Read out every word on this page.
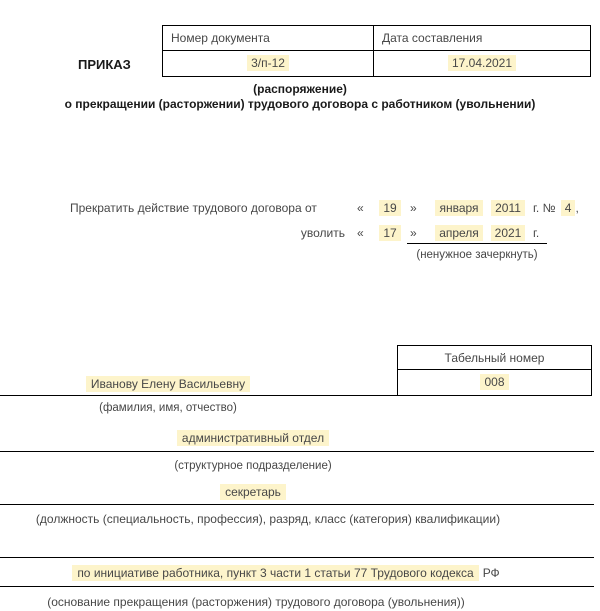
ПРИКАЗ
Номер документа	Дата составления
3/п-12	17.04.2021
(распоряжение)
о прекращении (расторжении) трудового договора с работником (увольнении)
Прекратить действие трудового договора от	«	19	»	января	2011	г. № 4 ,
уволить «	17	»	апреля	2021 г.
(ненужное зачеркнуть)
Табельный номер
008
Иванову Елену Васильевну
(фамилия, имя, отчество)
административный отдел
(структурное подразделение)
секретарь
(должность (специальность, профессия), разряд, класс (категория) квалификации)
по инициативе работника, пункт 3 части 1 статьи 77 Трудового кодекса РФ
(основание прекращения (расторжения) трудового договора (увольнения))
